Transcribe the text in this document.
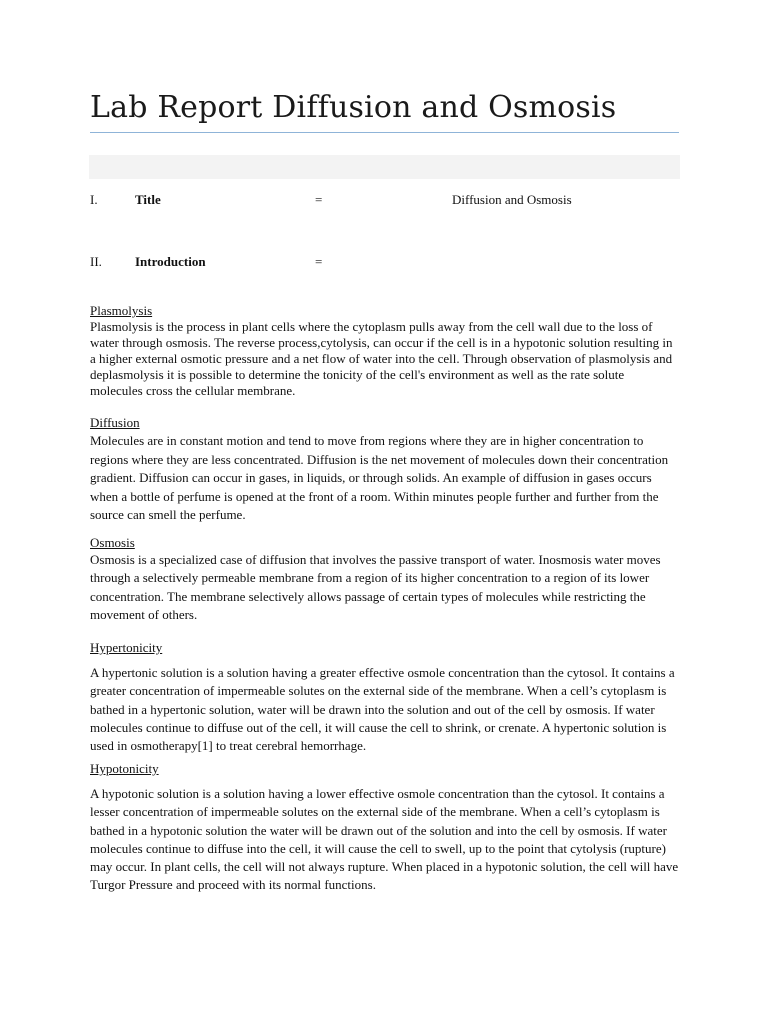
Lab Report Diffusion and Osmosis
I.	Title	=	Diffusion and Osmosis
II.	Introduction	=
Plasmolysis

Plasmolysis is the process in plant cells where the cytoplasm pulls away from the cell wall due to the loss of water through osmosis. The reverse process,cytolysis, can occur if the cell is in a hypotonic solution resulting in a higher external osmotic pressure and a net flow of water into the cell. Through observation of plasmolysis and deplasmolysis it is possible to determine the tonicity of the cell's environment as well as the rate solute molecules cross the cellular membrane.

Diffusion

Molecules are in constant motion and tend to move from regions where they are in higher concentration to regions where they are less concentrated. Diffusion is the net movement of molecules down their concentration gradient. Diffusion can occur in gases, in liquids, or through solids. An example of diffusion in gases occurs when a bottle of perfume is opened at the front of a room. Within minutes people further and further from the source can smell the perfume.

Osmosis

Osmosis is a specialized case of diffusion that involves the passive transport of water. Inosmosis water moves through a selectively permeable membrane from a region of its higher concentration to a region of its lower concentration. The membrane selectively allows passage of certain types of molecules while restricting the movement of others.

Hypertonicity

A hypertonic solution is a solution having a greater effective osmole concentration than the cytosol. It contains a greater concentration of impermeable solutes on the external side of the membrane. When a cell’s cytoplasm is bathed in a hypertonic solution, water will be drawn into the solution and out of the cell by osmosis. If water molecules continue to diffuse out of the cell, it will cause the cell to shrink, or crenate. A hypertonic solution is used in osmotherapy[1] to treat cerebral hemorrhage.

Hypotonicity

A hypotonic solution is a solution having a lower effective osmole concentration than the cytosol. It contains a lesser concentration of impermeable solutes on the external side of the membrane. When a cell’s cytoplasm is bathed in a hypotonic solution the water will be drawn out of the solution and into the cell by osmosis. If water molecules continue to diffuse into the cell, it will cause the cell to swell, up to the point that cytolysis (rupture) may occur. In plant cells, the cell will not always rupture. When placed in a hypotonic solution, the cell will have Turgor Pressure and proceed with its normal functions.
